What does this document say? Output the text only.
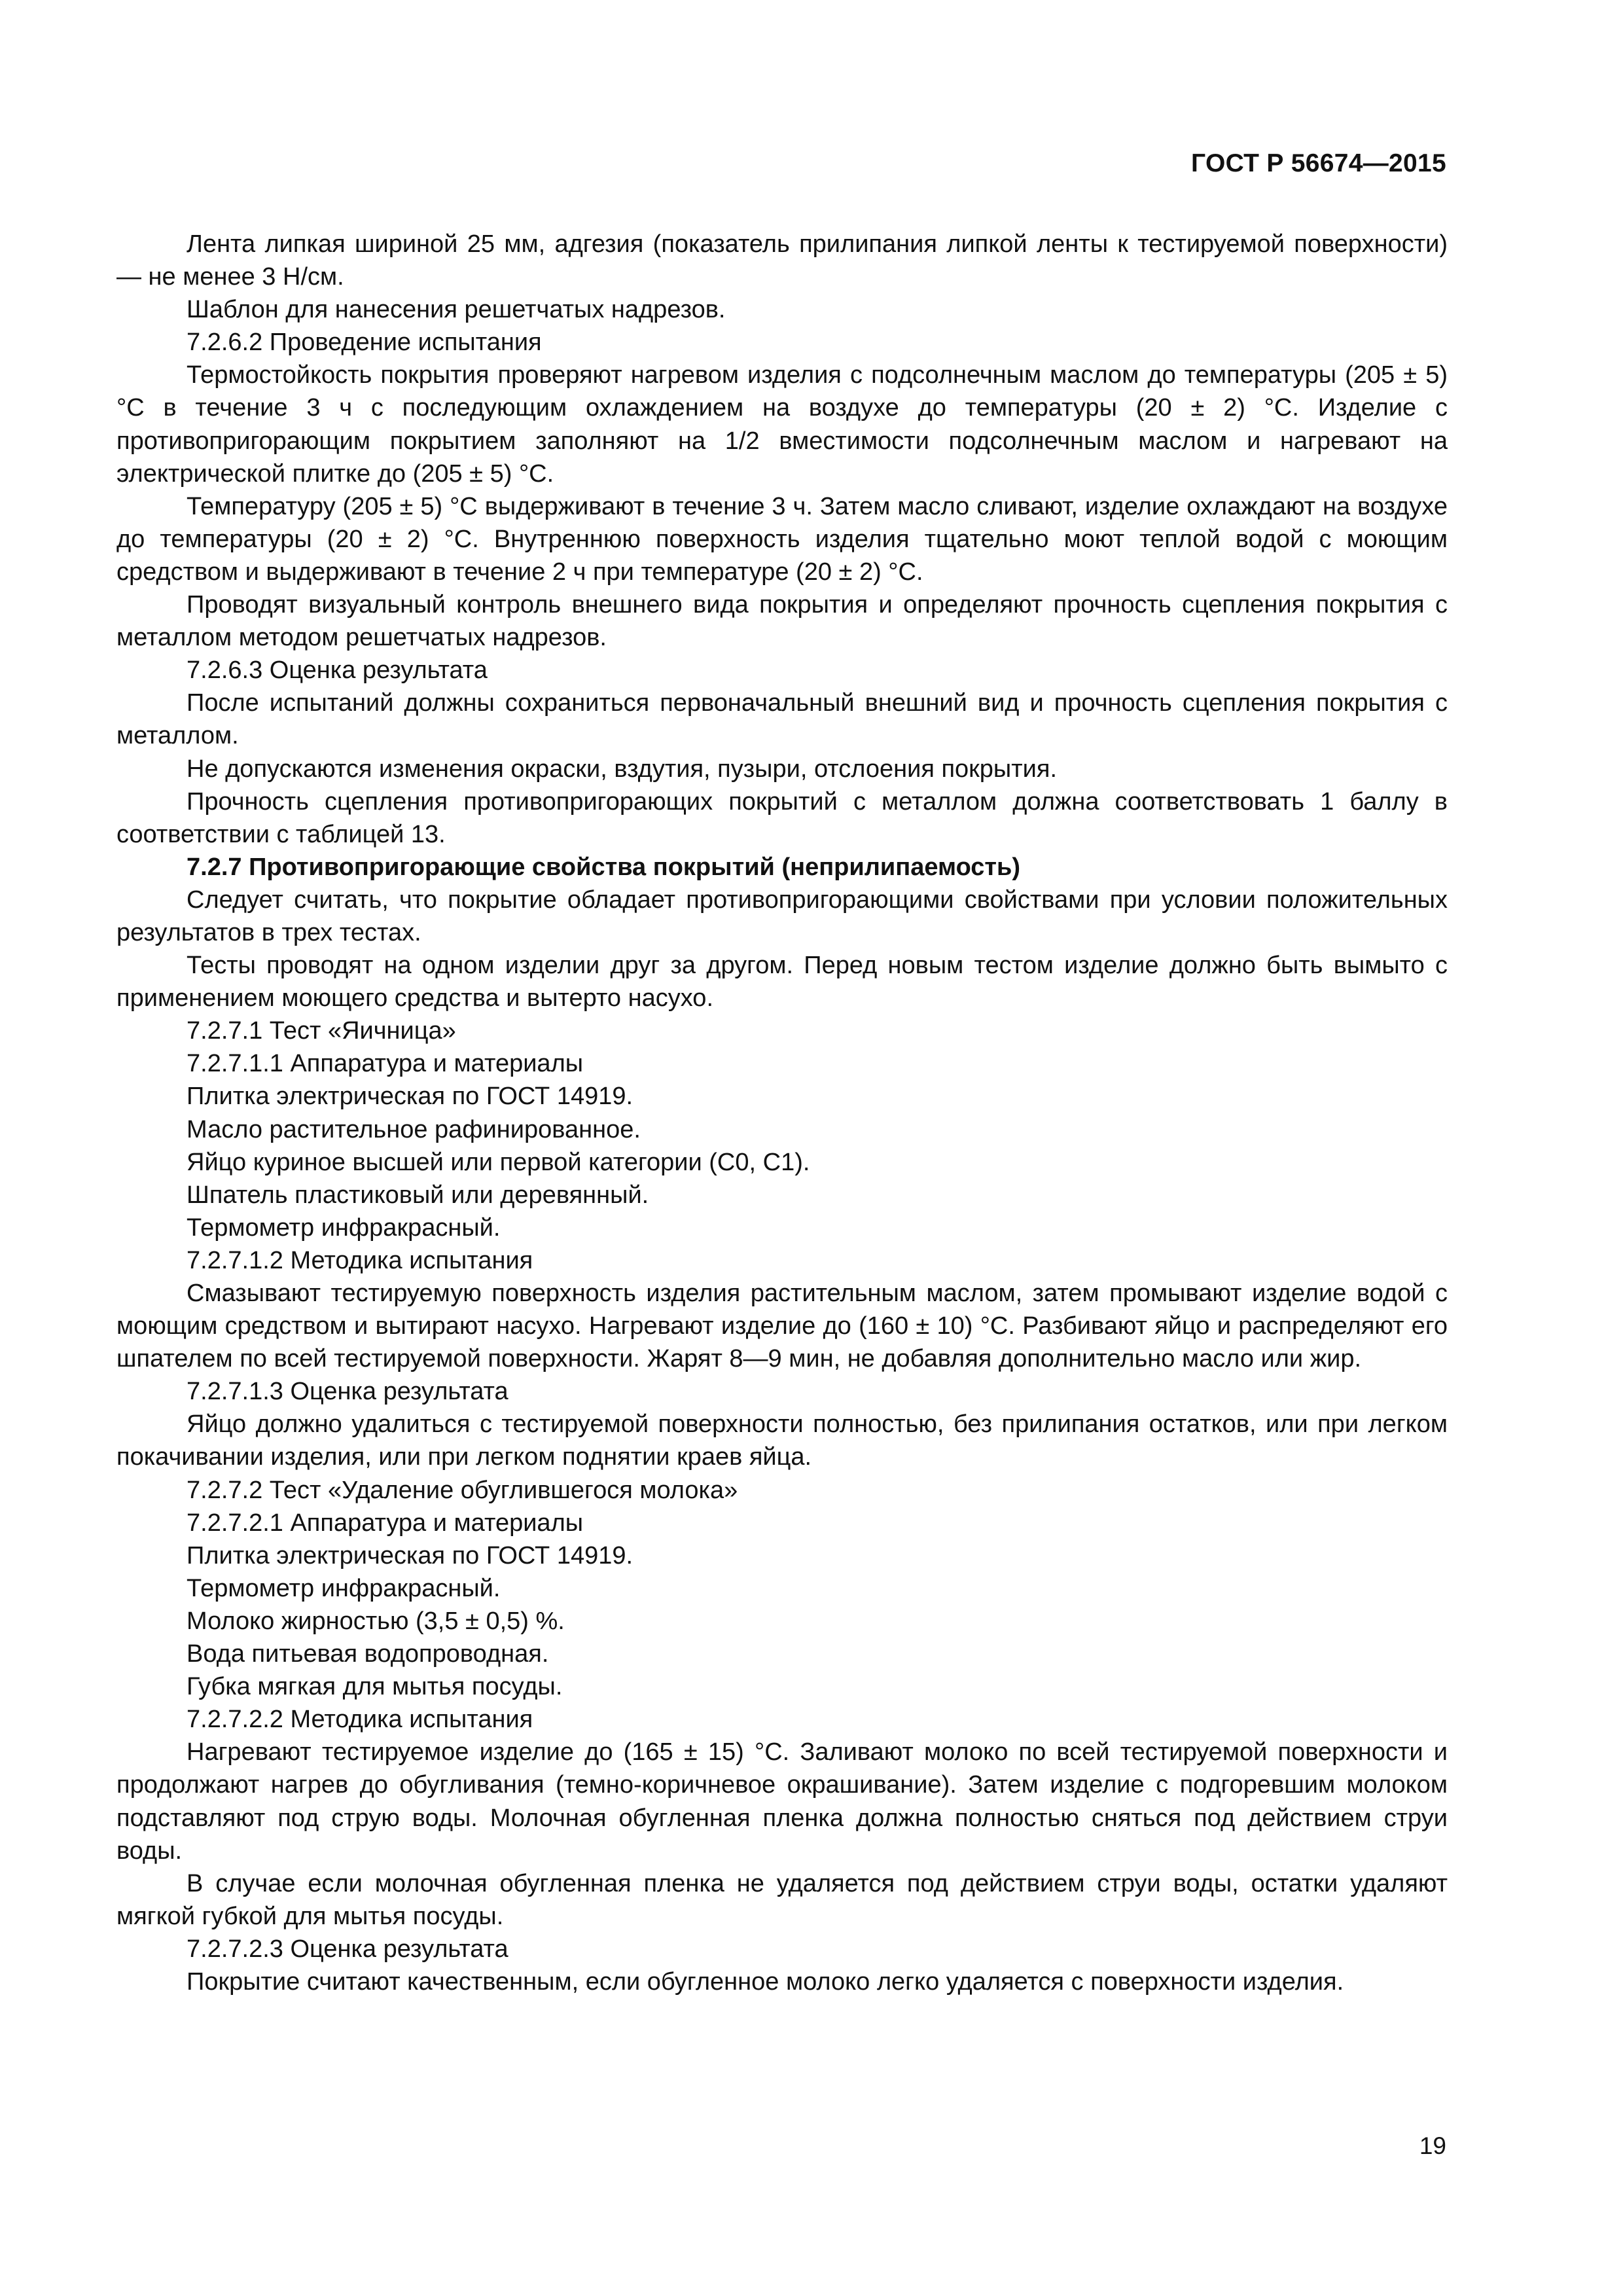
ГОСТ Р 56674—2015

Лента липкая шириной 25 мм, адгезия (показатель прилипания липкой ленты к тестируемой поверхности) — не менее 3 Н/см.

Шаблон для нанесения решетчатых надрезов.

7.2.6.2 Проведение испытания

Термостойкость покрытия проверяют нагревом изделия с подсолнечным маслом до температуры (205 ± 5) °С в течение 3 ч с последующим охлаждением на воздухе до температуры (20 ± 2) °С. Изделие с противопригорающим покрытием заполняют на 1/2 вместимости подсолнечным маслом и нагревают на электрической плитке до (205 ± 5) °С.

Температуру (205 ± 5) °С выдерживают в течение 3 ч. Затем масло сливают, изделие охлаждают на воздухе до температуры (20 ± 2) °С. Внутреннюю поверхность изделия тщательно моют теплой водой с моющим средством и выдерживают в течение 2 ч при температуре (20 ± 2) °С.

Проводят визуальный контроль внешнего вида покрытия и определяют прочность сцепления покрытия с металлом методом решетчатых надрезов.

7.2.6.3 Оценка результата

После испытаний должны сохраниться первоначальный внешний вид и прочность сцепления покрытия с металлом.

Не допускаются изменения окраски, вздутия, пузыри, отслоения покрытия.

Прочность сцепления противопригорающих покрытий с металлом должна соответствовать 1 баллу в соответствии с таблицей 13.

7.2.7 Противопригорающие свойства покрытий (неприлипаемость)

Следует считать, что покрытие обладает противопригорающими свойствами при условии положительных результатов в трех тестах.

Тесты проводят на одном изделии друг за другом. Перед новым тестом изделие должно быть вымыто с применением моющего средства и вытерто насухо.

7.2.7.1 Тест «Яичница»

7.2.7.1.1 Аппаратура и материалы

Плитка электрическая по ГОСТ 14919.

Масло растительное рафинированное.

Яйцо куриное высшей или первой категории (С0, С1).

Шпатель пластиковый или деревянный.

Термометр инфракрасный.

7.2.7.1.2 Методика испытания

Смазывают тестируемую поверхность изделия растительным маслом, затем промывают изделие водой с моющим средством и вытирают насухо. Нагревают изделие до (160 ± 10) °С. Разбивают яйцо и распределяют его шпателем по всей тестируемой поверхности. Жарят 8—9 мин, не добавляя дополнительно масло или жир.

7.2.7.1.3 Оценка результата

Яйцо должно удалиться с тестируемой поверхности полностью, без прилипания остатков, или при легком покачивании изделия, или при легком поднятии краев яйца.

7.2.7.2 Тест «Удаление обуглившегося молока»

7.2.7.2.1 Аппаратура и материалы

Плитка электрическая по ГОСТ 14919.

Термометр инфракрасный.

Молоко жирностью (3,5 ± 0,5) %.

Вода питьевая водопроводная.

Губка мягкая для мытья посуды.

7.2.7.2.2 Методика испытания

Нагревают тестируемое изделие до (165 ± 15) °С. Заливают молоко по всей тестируемой поверхности и продолжают нагрев до обугливания (темно-коричневое окрашивание). Затем изделие с подгоревшим молоком подставляют под струю воды. Молочная обугленная пленка должна полностью сняться под действием струи воды.

В случае если молочная обугленная пленка не удаляется под действием струи воды, остатки удаляют мягкой губкой для мытья посуды.

7.2.7.2.3 Оценка результата

Покрытие считают качественным, если обугленное молоко легко удаляется с поверхности изделия.

19
